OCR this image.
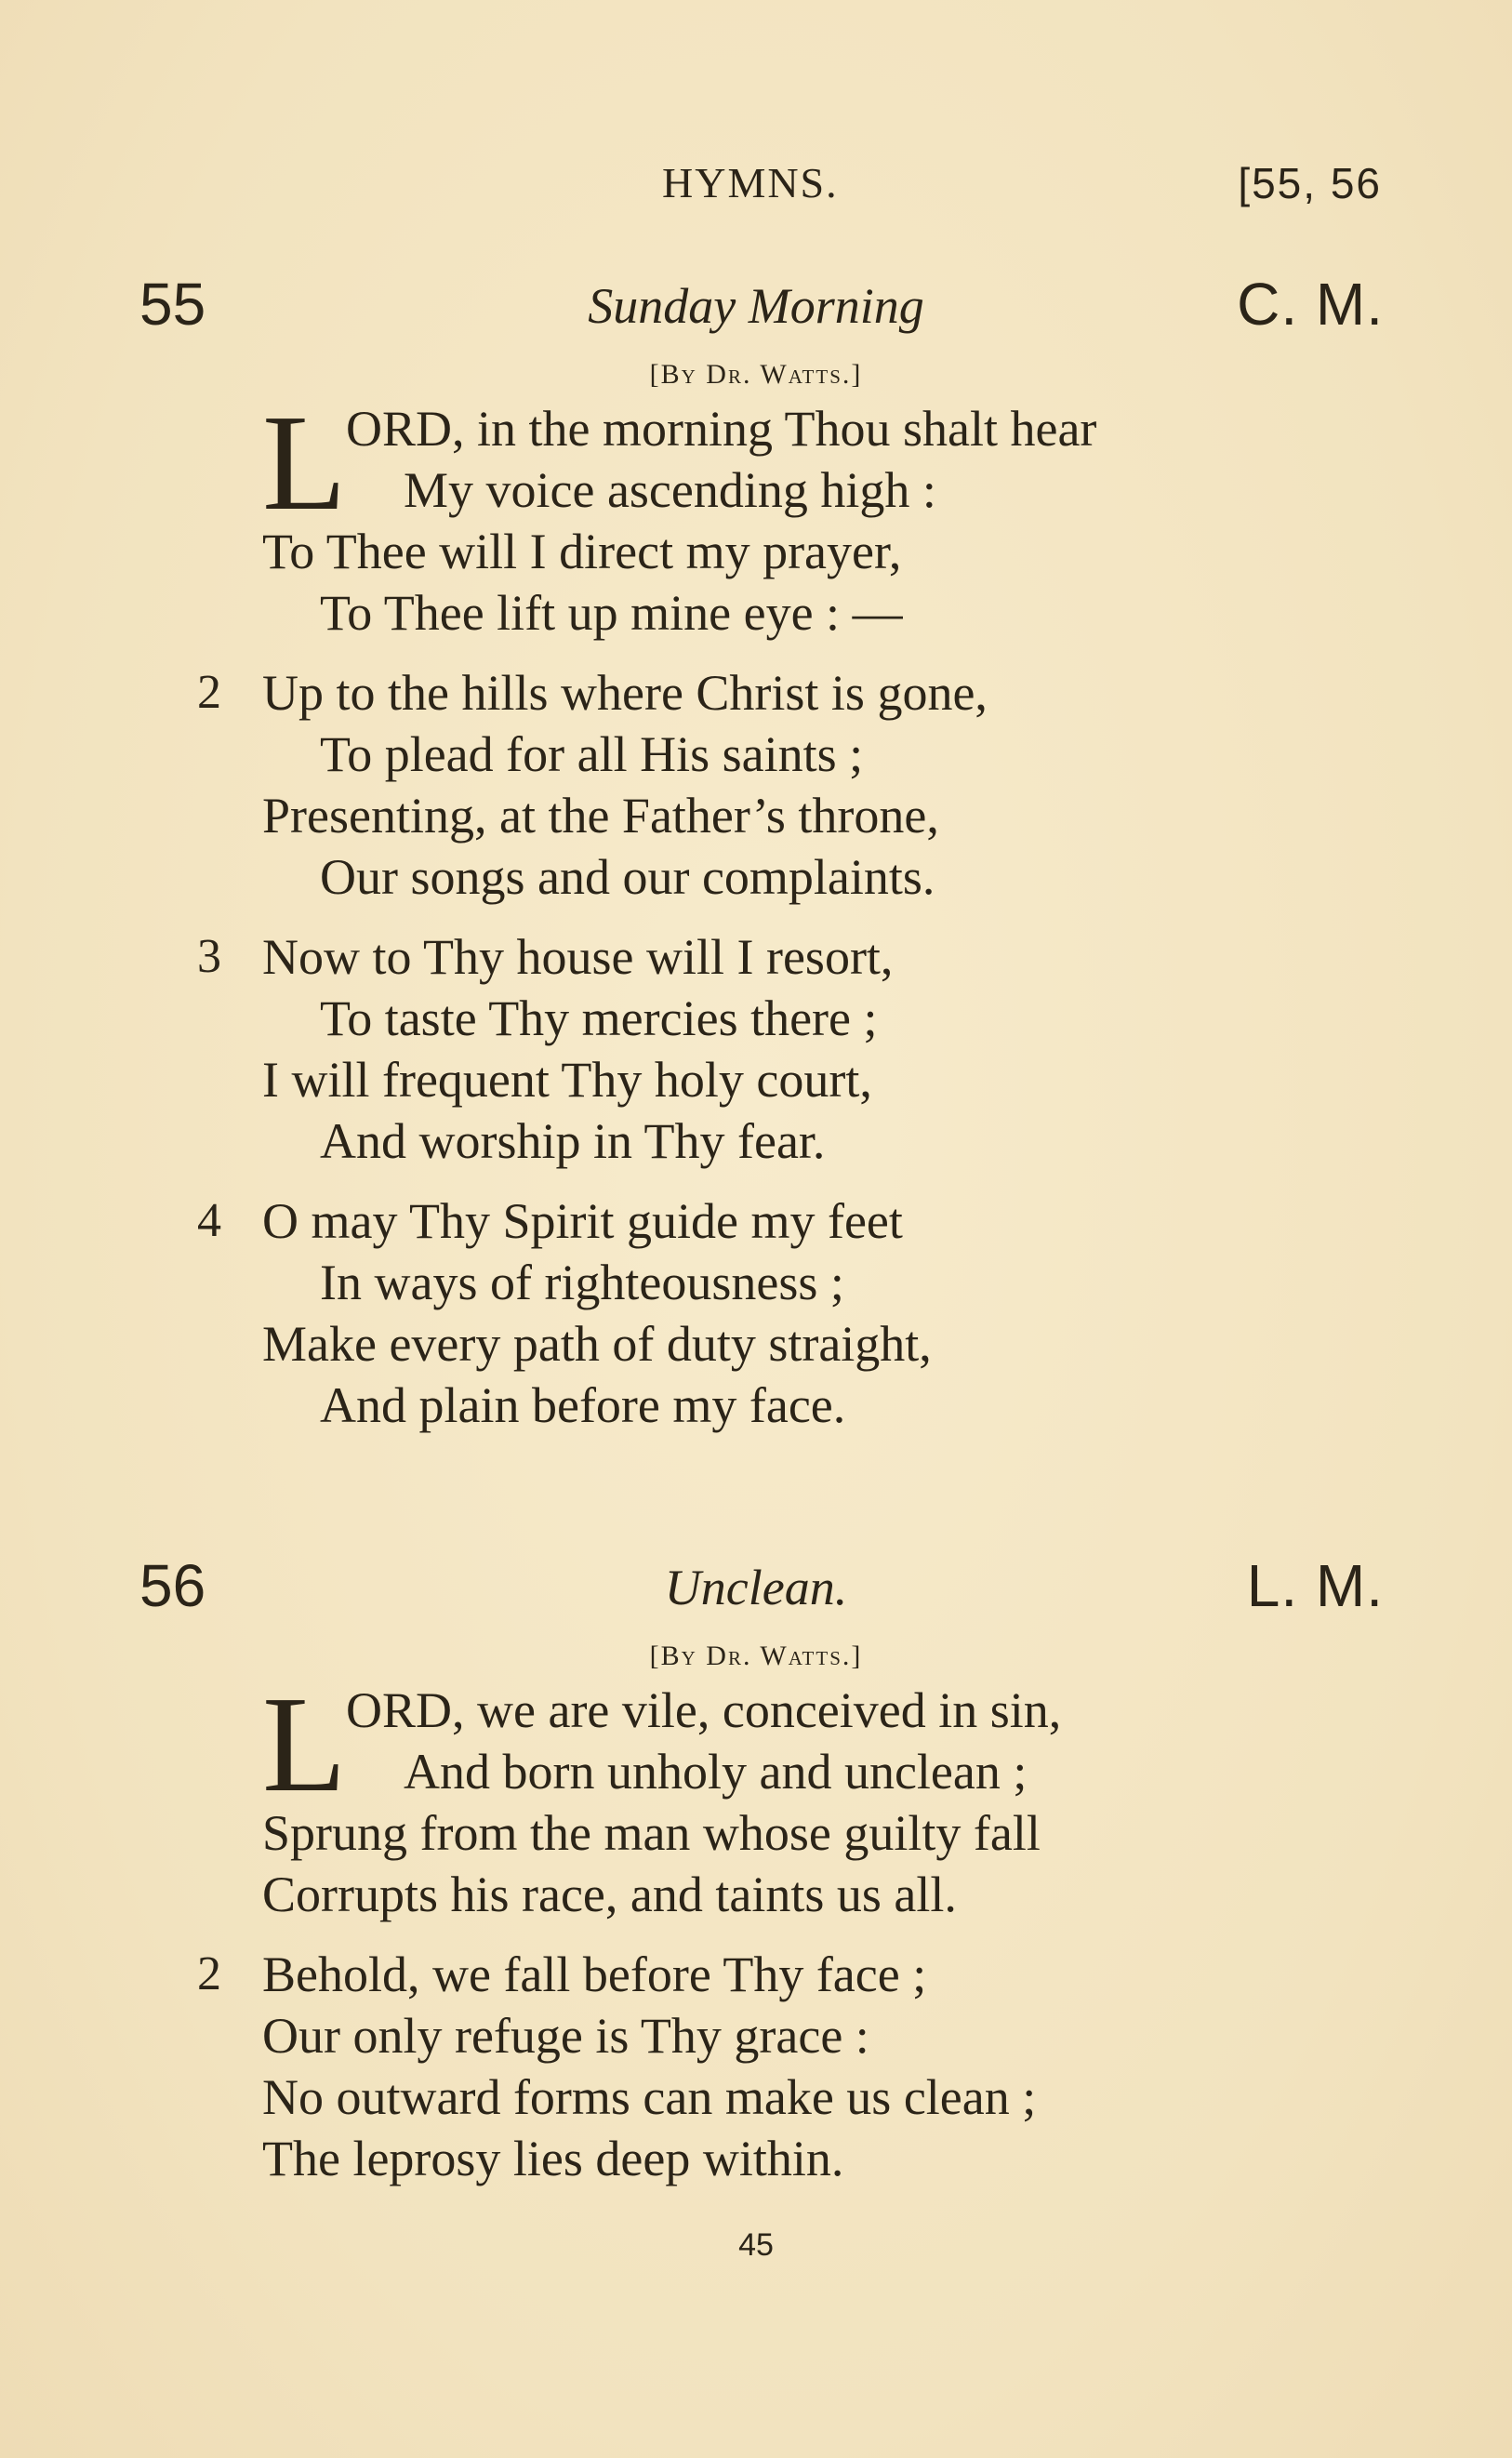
HYMNS.	[55, 56
55	Sunday Morning	C. M.
[By Dr. Watts.]
L ORD, in the morning Thou shalt hear
My voice ascending high :
To Thee will I direct my prayer,
To Thee lift up mine eye : —
2 Up to the hills where Christ is gone,
To plead for all His saints ;
Presenting, at the Father’s throne,
Our songs and our complaints.
3 Now to Thy house will I resort,
To taste Thy mercies there ;
I will frequent Thy holy court,
And worship in Thy fear.
4 O may Thy Spirit guide my feet
In ways of righteousness ;
Make every path of duty straight,
And plain before my face.
56	Unclean.	L. M.
[By Dr. Watts.]
L ORD, we are vile, conceived in sin,
And born unholy and unclean ;
Sprung from the man whose guilty fall
Corrupts his race, and taints us all.
2 Behold, we fall before Thy face ;
Our only refuge is Thy grace :
No outward forms can make us clean ;
The leprosy lies deep within.
45
